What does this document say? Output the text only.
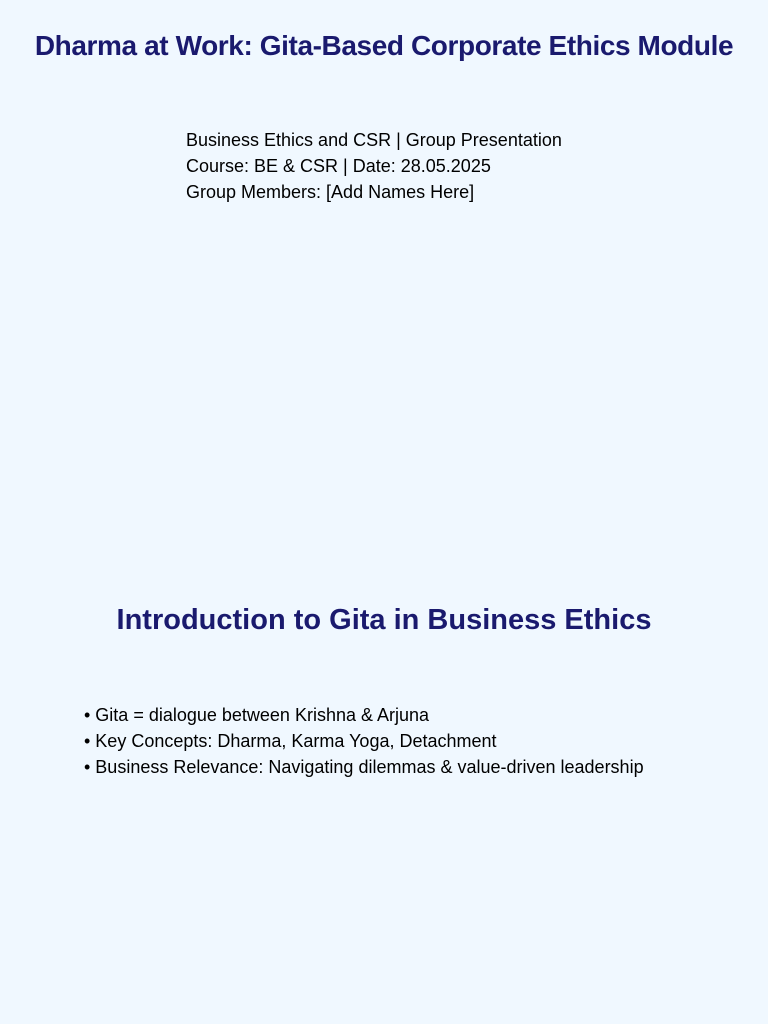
Dharma at Work: Gita-Based Corporate Ethics Module
Business Ethics and CSR | Group Presentation
Course: BE & CSR | Date: 28.05.2025
Group Members: [Add Names Here]
Introduction to Gita in Business Ethics
• Gita = dialogue between Krishna & Arjuna
• Key Concepts: Dharma, Karma Yoga, Detachment
• Business Relevance: Navigating dilemmas & value-driven leadership
